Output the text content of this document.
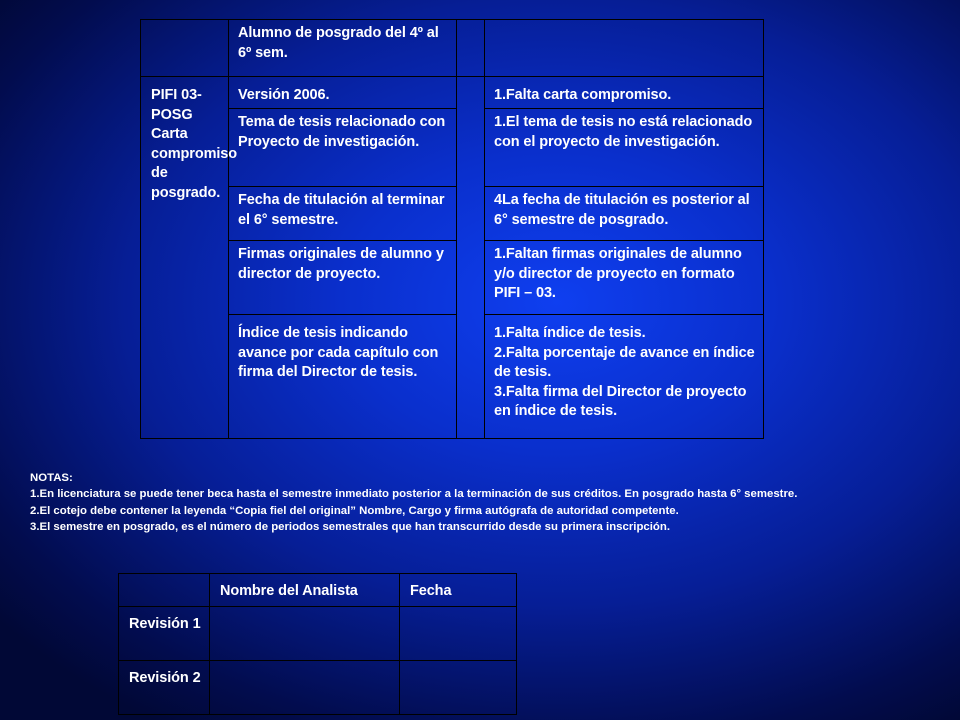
	Alumno de posgrado del 4º al 6º sem.		
PIFI 03-POSG Carta compromiso de posgrado.	Versión 2006.		1.Falta carta compromiso.
	Tema de tesis relacionado con Proyecto de investigación.		1.El tema de tesis no está relacionado con el proyecto de investigación.
	Fecha de titulación al terminar el 6° semestre.		4La fecha de titulación es posterior al 6° semestre de posgrado.
	Firmas originales de alumno y director de proyecto.		1.Faltan firmas originales de alumno y/o director de proyecto en formato PIFI – 03.
	Índice de tesis indicando avance por cada capítulo con firma del Director de tesis.		1.Falta índice de tesis.
2.Falta porcentaje de avance en índice de tesis.
3.Falta firma del Director de proyecto en índice de tesis.
NOTAS:
1.En licenciatura se puede tener beca hasta el semestre inmediato posterior a la terminación de sus créditos. En posgrado hasta 6° semestre.
2.El cotejo debe contener la leyenda “Copia fiel del original” Nombre, Cargo y firma autógrafa de autoridad competente.
3.El semestre en posgrado, es el número de periodos semestrales que han transcurrido desde su primera inscripción.
	Nombre del Analista	Fecha
Revisión 1		
Revisión 2		
